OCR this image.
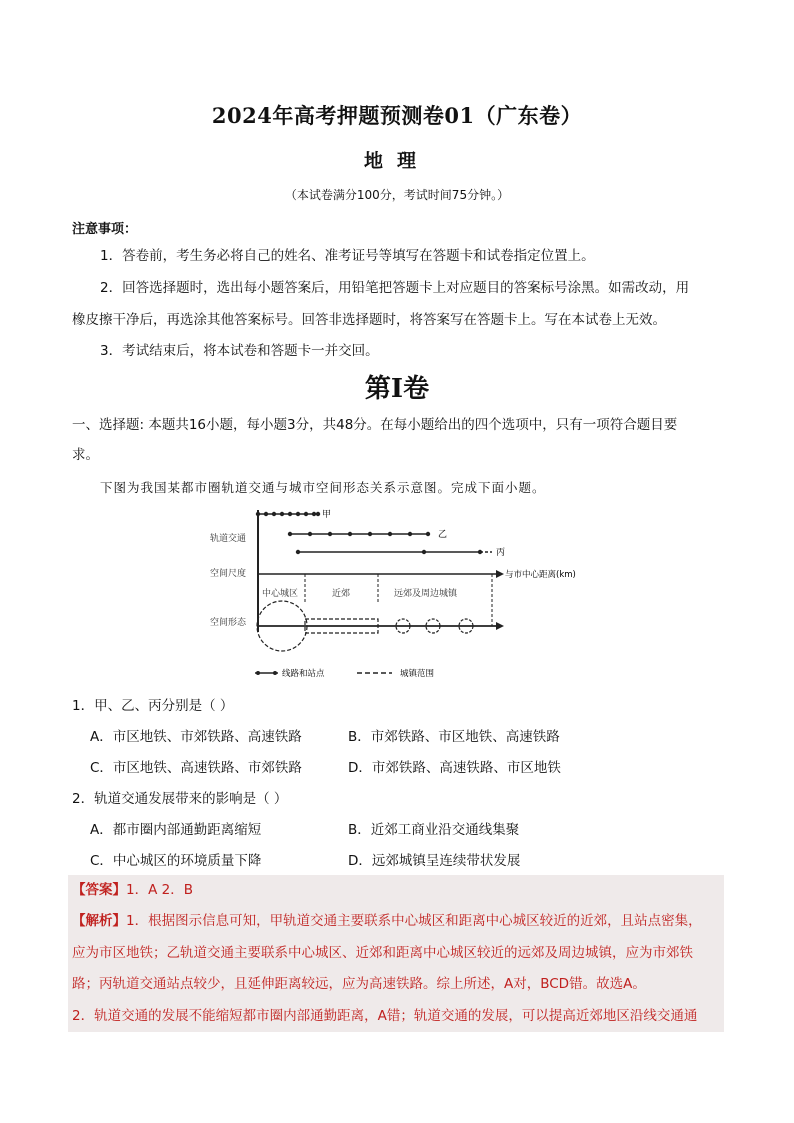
2024年高考押题预测卷01（广东卷）
地理
（本试卷满分100分，考试时间75分钟。）
注意事项：
1．答卷前，考生务必将自己的姓名、准考证号等填写在答题卡和试卷指定位置上。
2．回答选择题时，选出每小题答案后，用铅笔把答题卡上对应题目的答案标号涂黑。如需改动，用
橡皮擦干净后，再选涂其他答案标号。回答非选择题时，将答案写在答题卡上。写在本试卷上无效。
3．考试结束后，将本试卷和答题卡一并交回。
第Ⅰ卷
一、选择题: 本题共16小题，每小题3分，共48分。在每小题给出的四个选项中，只有一项符合题目要
求。
下图为我国某都市圈轨道交通与城市空间形态关系示意图。完成下面小题。
轨道交通
空间尺度
空间形态
甲
乙
丙
与市中心距离(km)
中心城区	近郊	远郊及周边城镇
线路和站点	城镇范围
1．甲、乙、丙分别是（ ）
A．市区地铁、市郊铁路、高速铁路	B．市郊铁路、市区地铁、高速铁路
C．市区地铁、高速铁路、市郊铁路	D．市郊铁路、高速铁路、市区地铁
2．轨道交通发展带来的影响是（ ）
A．都市圈内部通勤距离缩短	B．近郊工商业沿交通线集聚
C．中心城区的环境质量下降	D．远郊城镇呈连续带状发展
【答案】1．A 2．B
【解析】1．根据图示信息可知，甲轨道交通主要联系中心城区和距离中心城区较近的近郊，且站点密集，
应为市区地铁；乙轨道交通主要联系中心城区、近郊和距离中心城区较近的远郊及周边城镇，应为市郊铁
路；丙轨道交通站点较少，且延伸距离较远，应为高速铁路。综上所述，A对，BCD错。故选A。
2．轨道交通的发展不能缩短都市圈内部通勤距离，A错；轨道交通的发展，可以提高近郊地区沿线交通通
